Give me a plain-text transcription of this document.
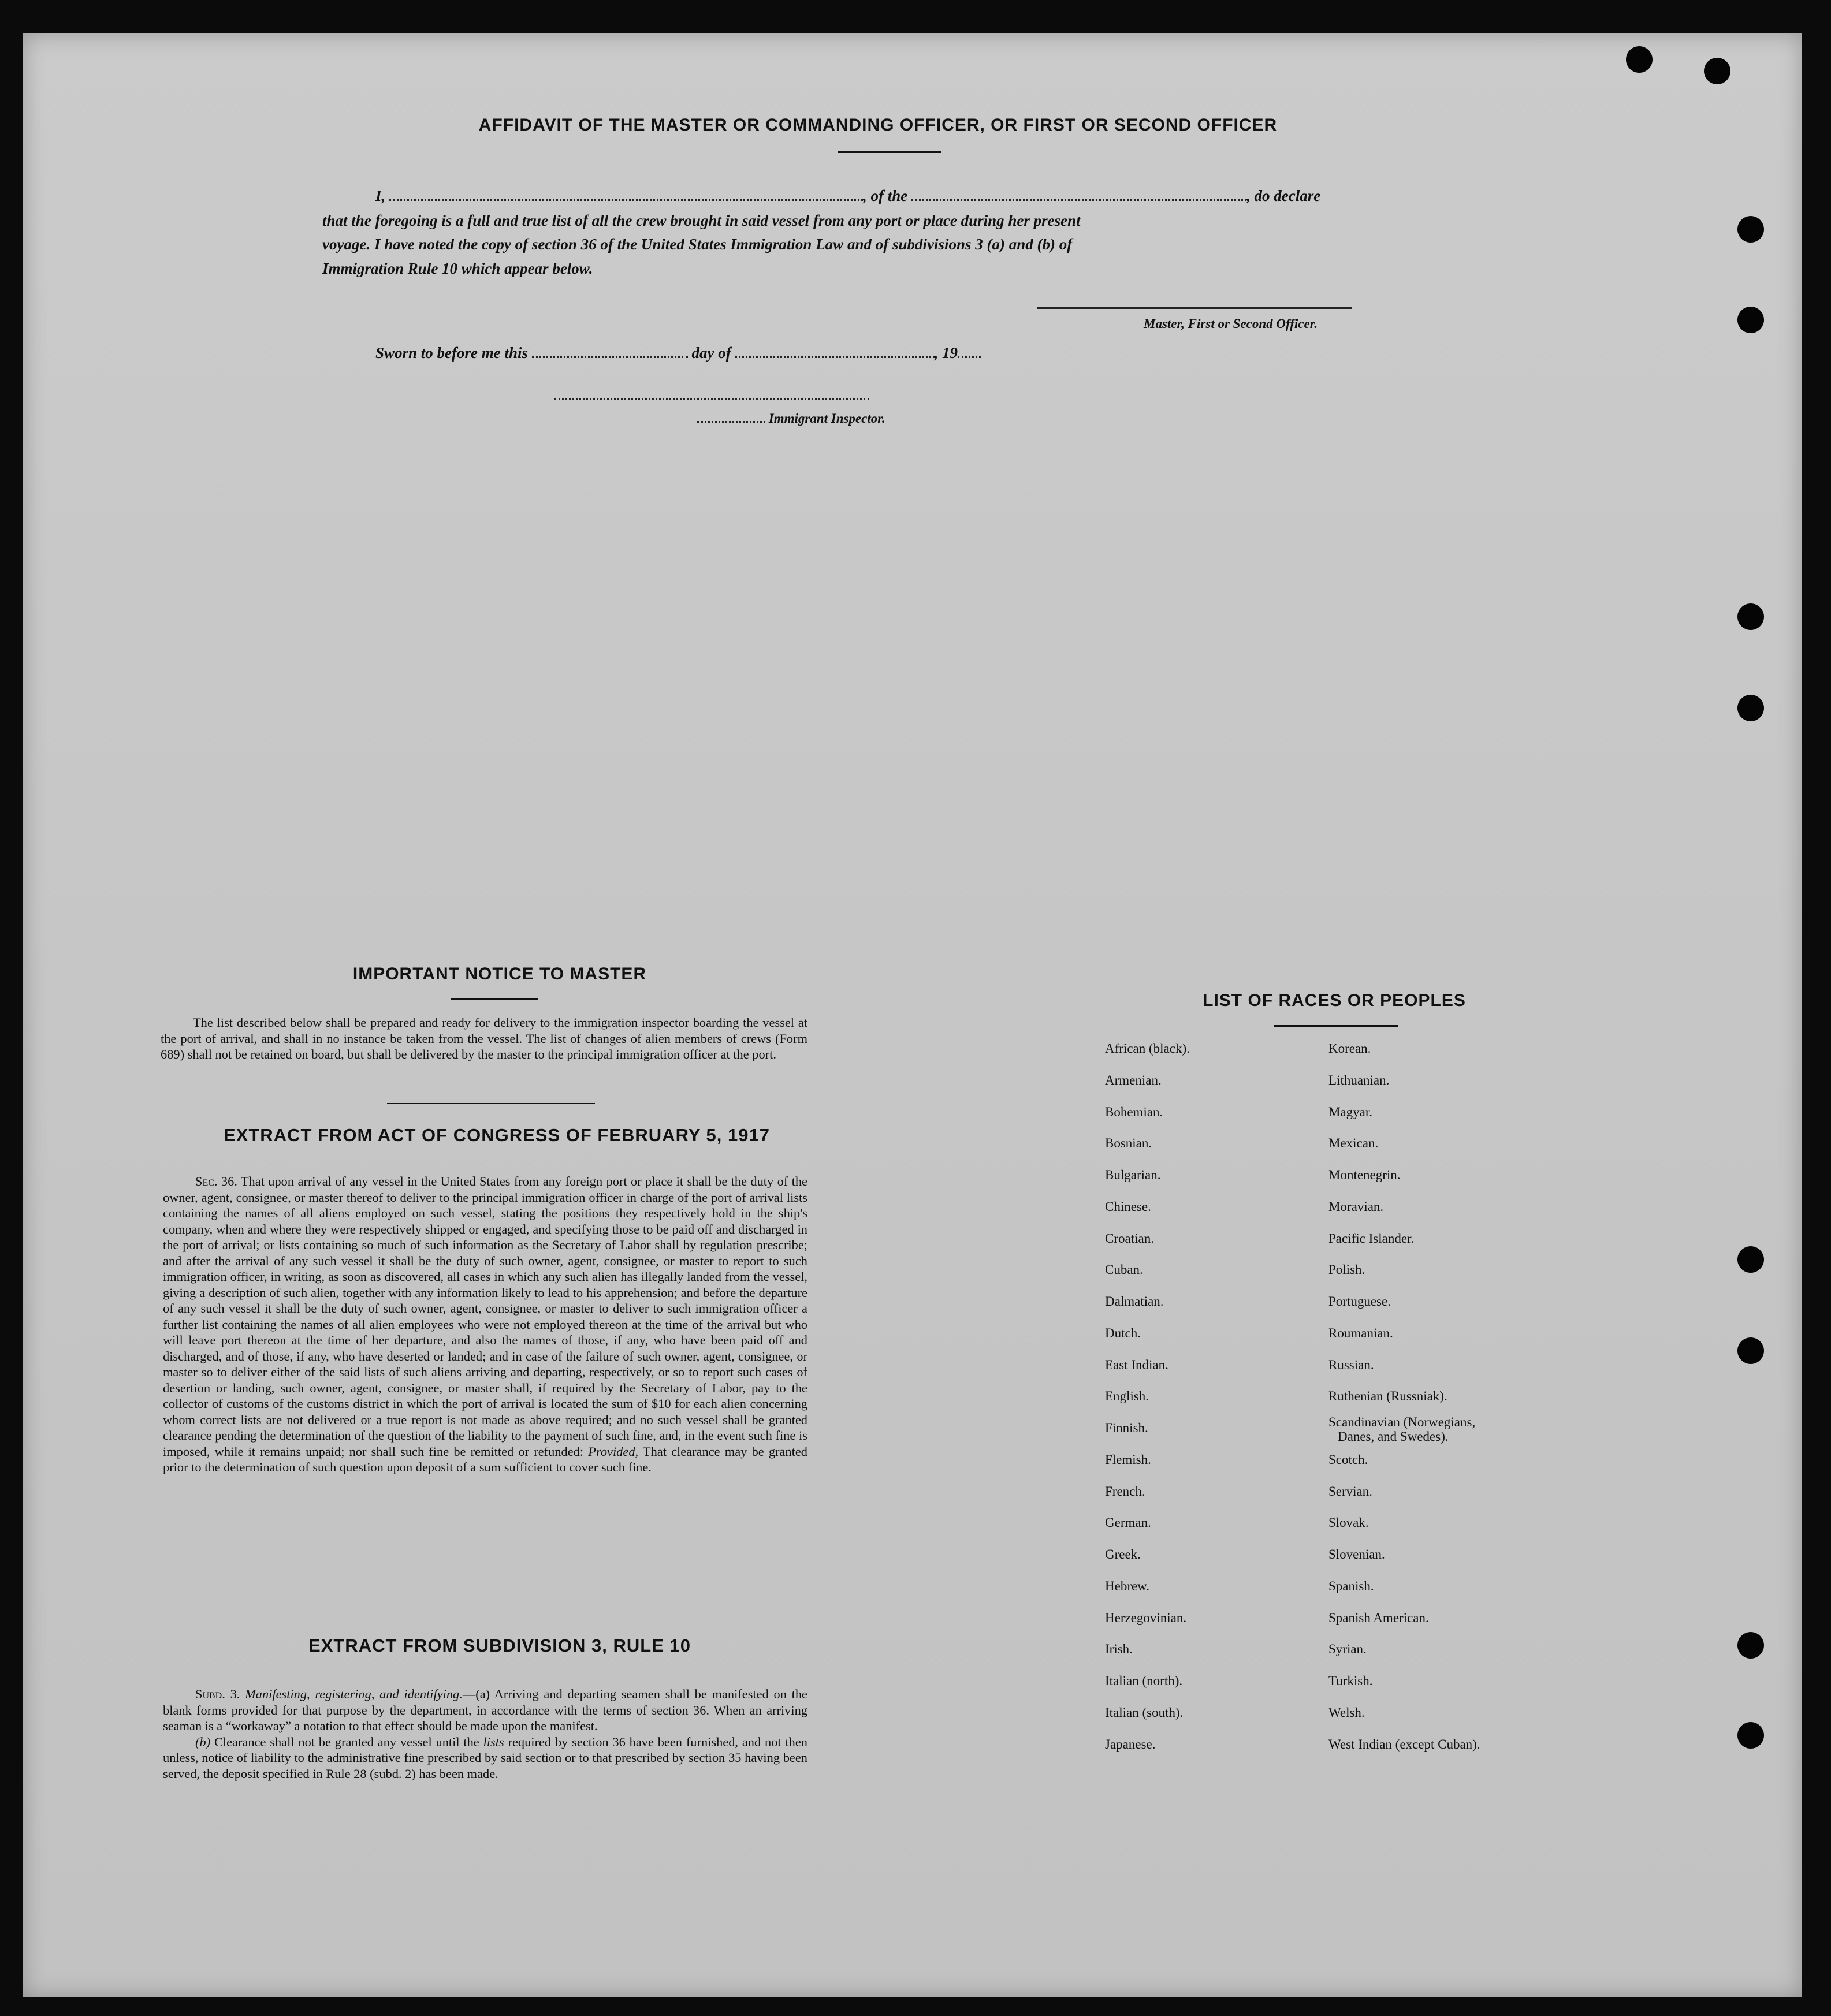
AFFIDAVIT OF THE MASTER OR COMMANDING OFFICER, OR FIRST OR SECOND OFFICER
I,	, of the	, do declare
that the foregoing is a full and true list of all the crew brought in said vessel from any port or place during her present
voyage. I have noted the copy of section 36 of the United States Immigration Law and of subdivisions 3 (a) and (b) of
Immigration Rule 10 which appear below.
Master, First or Second Officer.
Sworn to before me this	day of	, 19
Immigrant Inspector.
IMPORTANT NOTICE TO MASTER

The list described below shall be prepared and ready for delivery to the immigration inspector boarding the vessel at the port of arrival, and shall in no instance be taken from the vessel. The list of changes of alien members of crews (Form 689) shall not be retained on board, but shall be delivered by the master to the principal immigration officer at the port.

EXTRACT FROM ACT OF CONGRESS OF FEBRUARY 5, 1917

Sec. 36. That upon arrival of any vessel in the United States from any foreign port or place it shall be the duty of the owner, agent, consignee, or master thereof to deliver to the principal immigration officer in charge of the port of arrival lists containing the names of all aliens employed on such vessel, stating the positions they respectively hold in the ship's company, when and where they were respectively shipped or engaged, and specifying those to be paid off and discharged in the port of arrival; or lists containing so much of such information as the Secretary of Labor shall by regulation prescribe; and after the arrival of any such vessel it shall be the duty of such owner, agent, consignee, or master to report to such immigration officer, in writing, as soon as discovered, all cases in which any such alien has illegally landed from the vessel, giving a description of such alien, together with any information likely to lead to his apprehension; and before the departure of any such vessel it shall be the duty of such owner, agent, consignee, or master to deliver to such immigration officer a further list containing the names of all alien employees who were not employed thereon at the time of the arrival but who will leave port thereon at the time of her departure, and also the names of those, if any, who have been paid off and discharged, and of those, if any, who have deserted or landed; and in case of the failure of such owner, agent, consignee, or master so to deliver either of the said lists of such aliens arriving and departing, respectively, or so to report such cases of desertion or landing, such owner, agent, consignee, or master shall, if required by the Secretary of Labor, pay to the collector of customs of the customs district in which the port of arrival is located the sum of $10 for each alien concerning whom correct lists are not delivered or a true report is not made as above required; and no such vessel shall be granted clearance pending the determination of the question of the liability to the payment of such fine, and, in the event such fine is imposed, while it remains unpaid; nor shall such fine be remitted or refunded: Provided, That clearance may be granted prior to the determination of such question upon deposit of a sum sufficient to cover such fine.

EXTRACT FROM SUBDIVISION 3, RULE 10

Subd. 3. Manifesting, registering, and identifying.—(a) Arriving and departing seamen shall be manifested on the blank forms provided for that purpose by the department, in accordance with the terms of section 36. When an arriving seaman is a “workaway” a notation to that effect should be made upon the manifest.

(b) Clearance shall not be granted any vessel until the lists required by section 36 have been furnished, and not then unless, notice of liability to the administrative fine prescribed by said section or to that prescribed by section 35 having been served, the deposit specified in Rule 28 (subd. 2) has been made.

LIST OF RACES OR PEOPLES
African (black).
Armenian.
Bohemian.
Bosnian.
Bulgarian.
Chinese.
Croatian.
Cuban.
Dalmatian.
Dutch.
East Indian.
English.
Finnish.
Flemish.
French.
German.
Greek.
Hebrew.
Herzegovinian.
Irish.
Italian (north).
Italian (south).
Japanese.
Korean.
Lithuanian.
Magyar.
Mexican.
Montenegrin.
Moravian.
Pacific Islander.
Polish.
Portuguese.
Roumanian.
Russian.
Ruthenian (Russniak).
Scandinavian (Norwegians,
Danes, and Swedes).
Scotch.
Servian.
Slovak.
Slovenian.
Spanish.
Spanish American.
Syrian.
Turkish.
Welsh.
West Indian (except Cuban).
